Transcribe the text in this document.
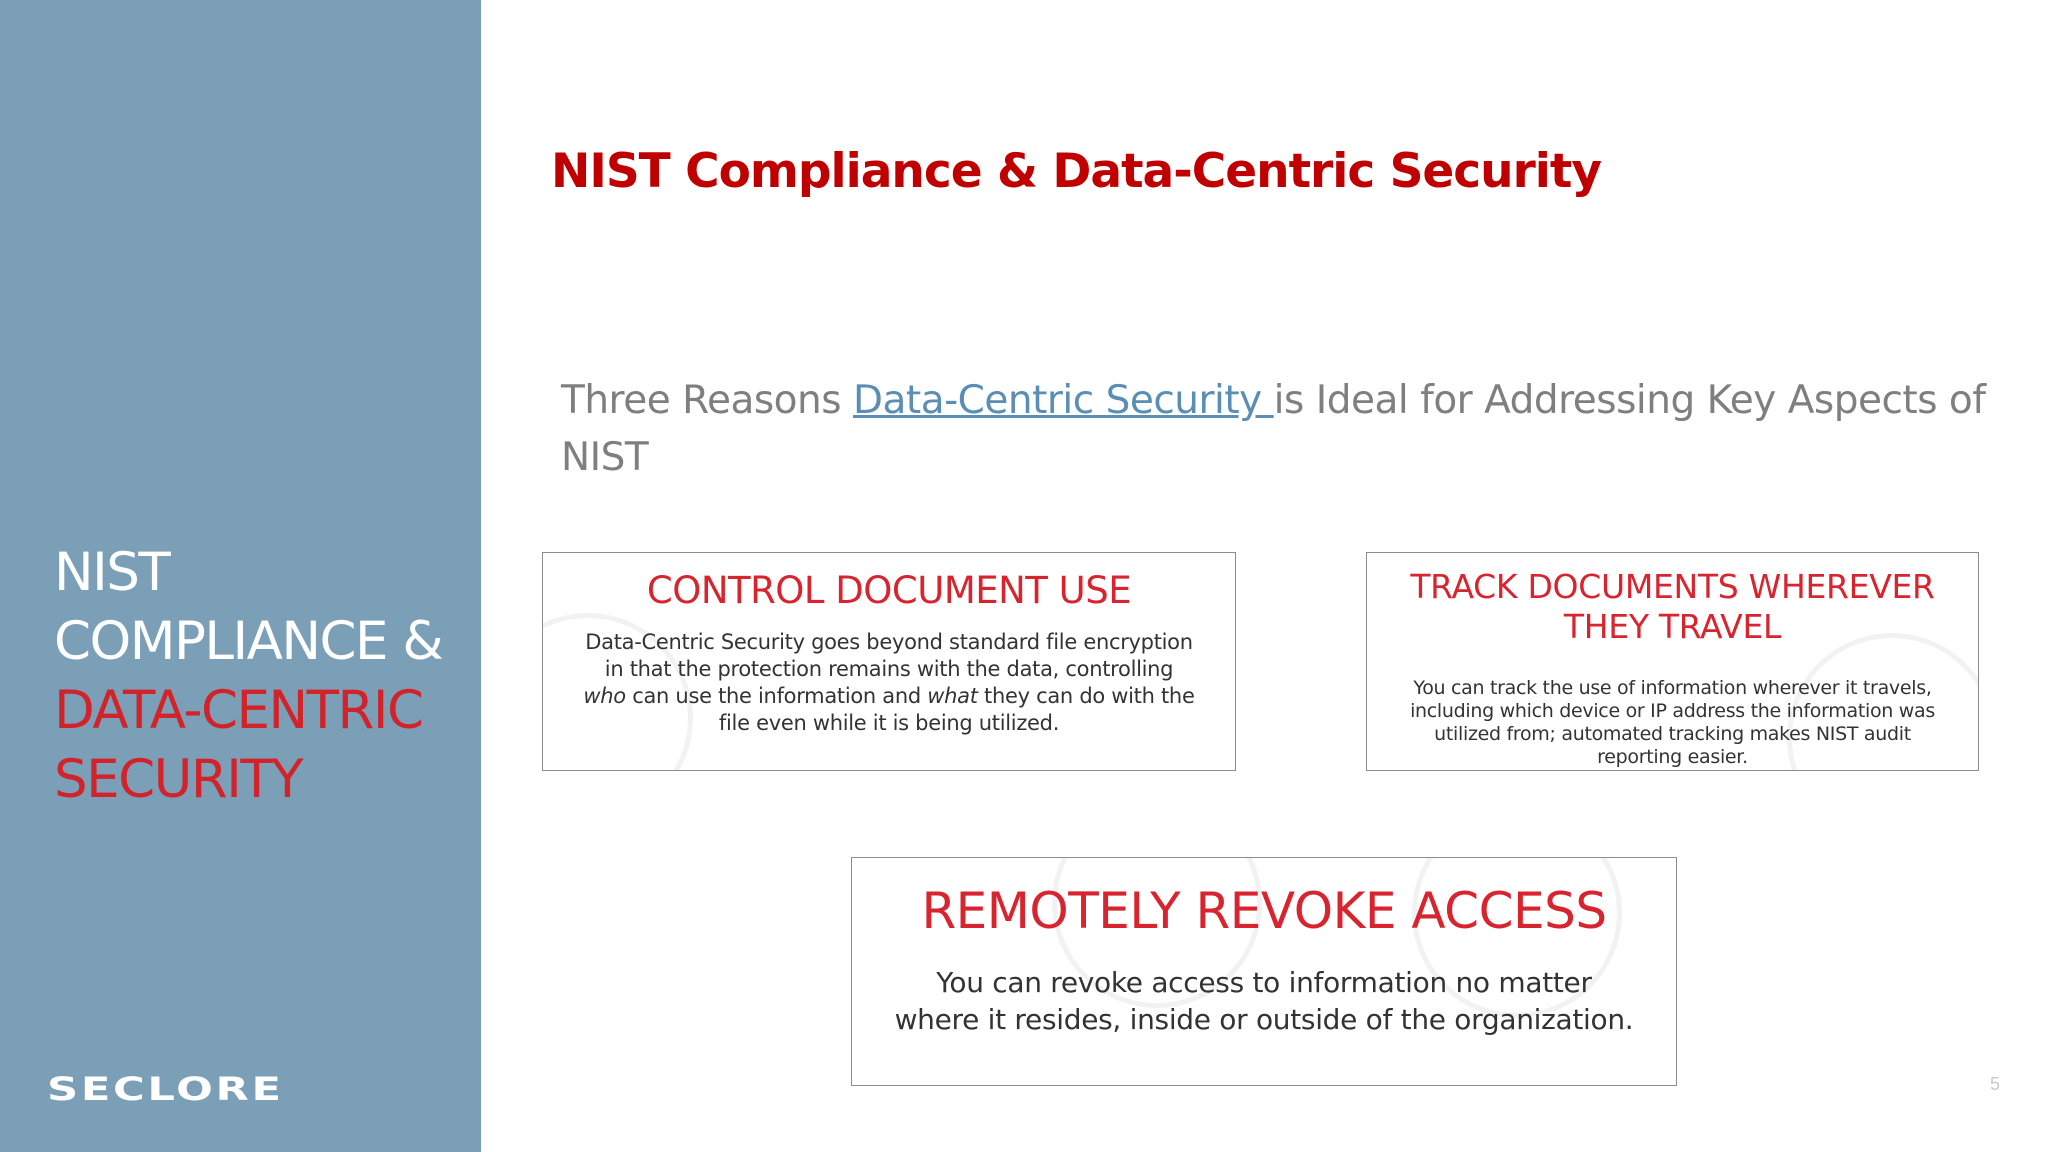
NIST
COMPLIANCE &
DATA-CENTRIC
SECURITY
SECLORE
NIST Compliance & Data-Centric Security
Three Reasons Data-Centric Security is Ideal for Addressing Key Aspects of NIST
CONTROL DOCUMENT USE

Data-Centric Security goes beyond standard file encryption in that the protection remains with the data, controlling who can use the information and what they can do with the file even while it is being utilized.

TRACK DOCUMENTS WHEREVER THEY TRAVEL

You can track the use of information wherever it travels, including which device or IP address the information was utilized from; automated tracking makes NIST audit reporting easier.

REMOTELY REVOKE ACCESS

You can revoke access to information no matter where it resides, inside or outside of the organization.

5
